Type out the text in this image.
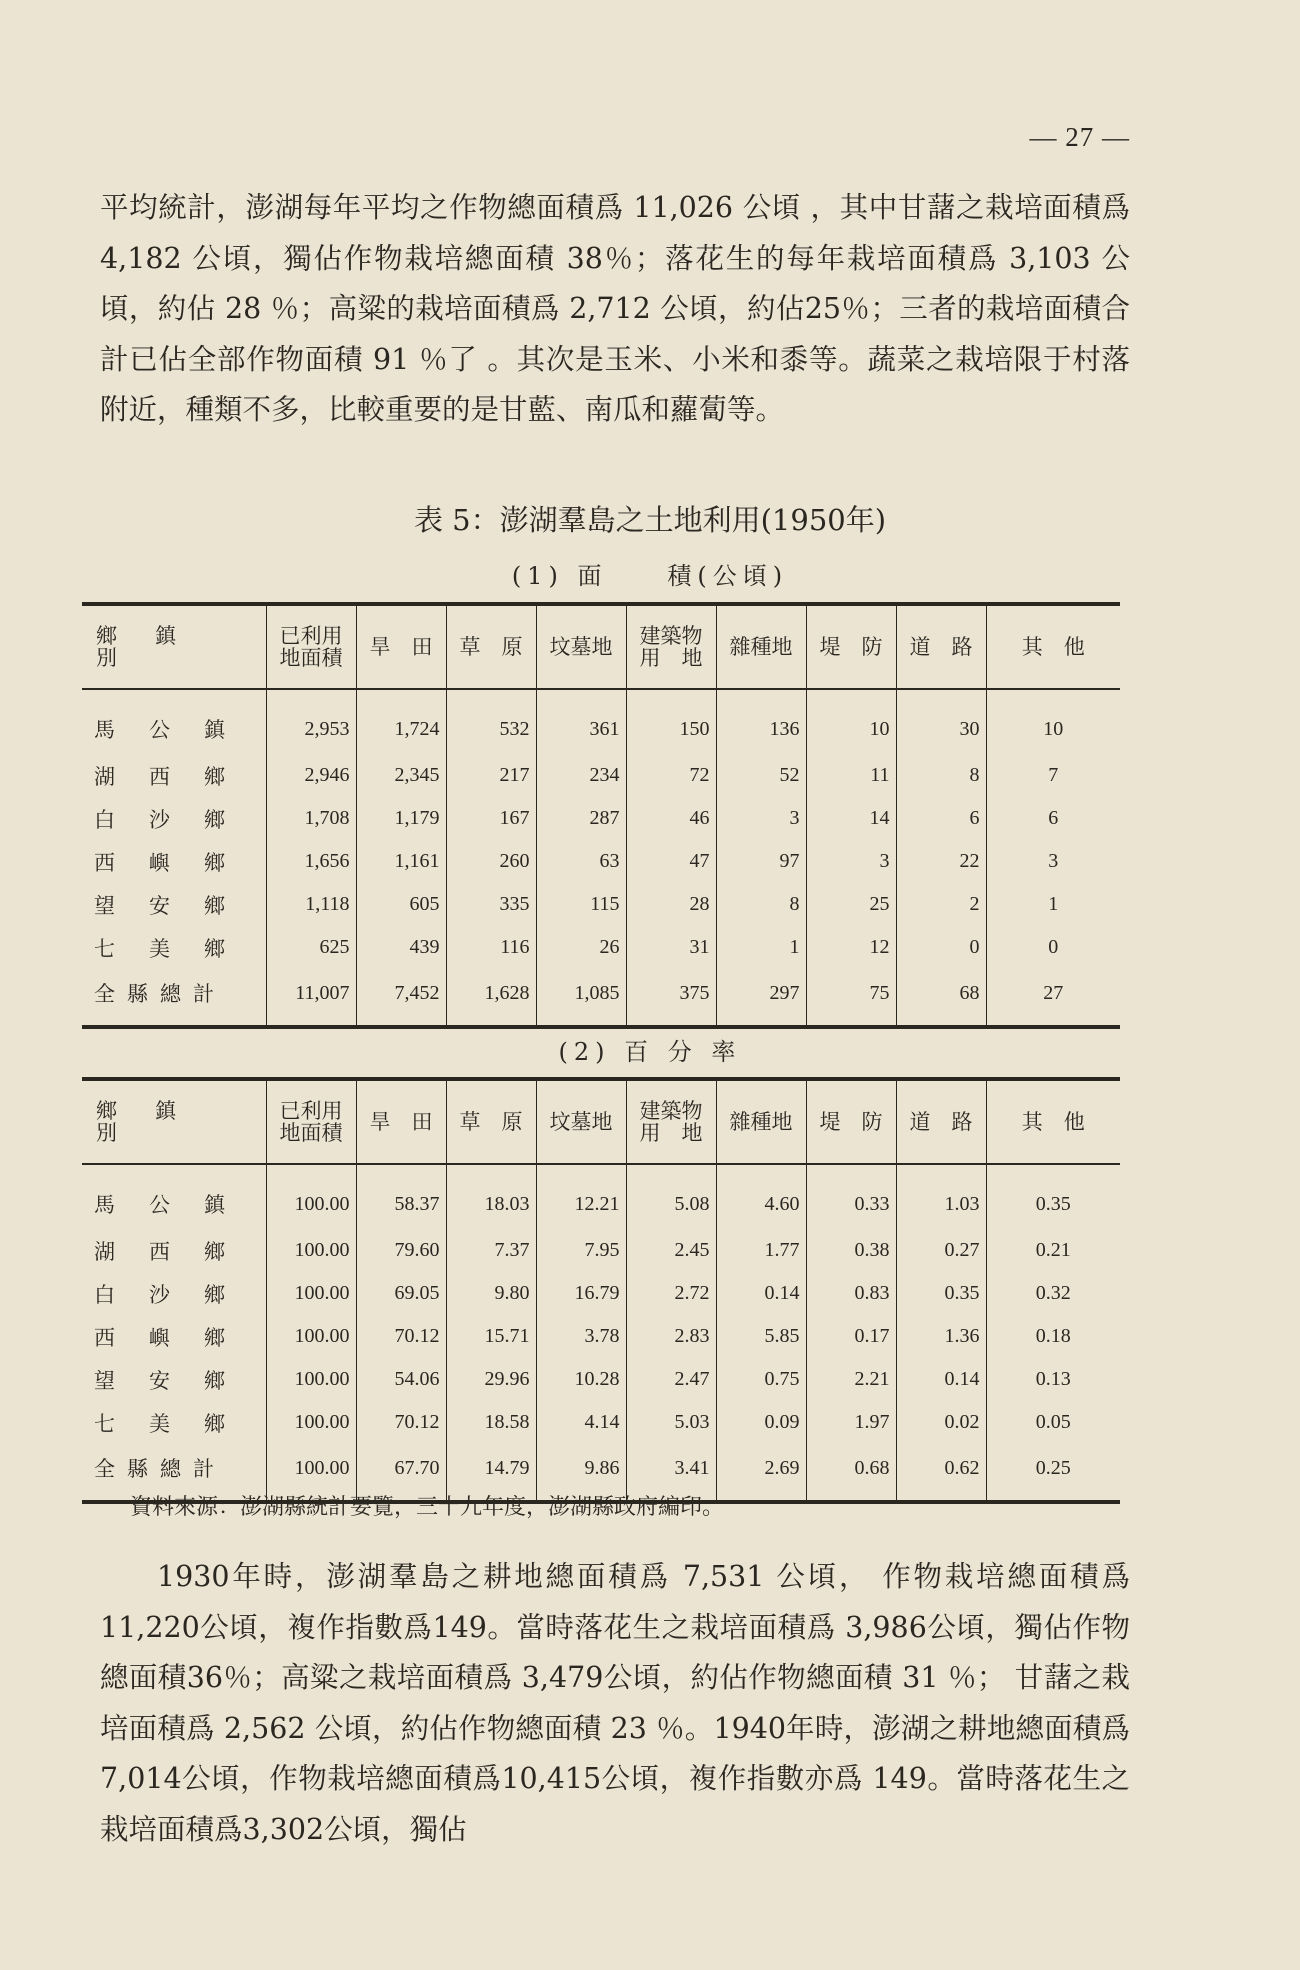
— 27 —
平均統計，澎湖每年平均之作物總面積爲 11,026 公頃 ，其中甘藷之栽培面積爲 4,182 公頃，獨佔作物栽培總面積 38％；落花生的每年栽培面積爲 3,103 公頃，約佔 28 ％；高粱的栽培面積爲 2,712 公頃，約佔25％；三者的栽培面積合計已佔全部作物面積 91 ％了 。其次是玉米、小米和黍等。蔬菜之栽培限于村落附近，種類不多，比較重要的是甘藍、南瓜和蘿蔔等。
表 5：澎湖羣島之土地利用(1950年)
(1) 面　　積(公頃)
鄉鎮別	已利用地面積	旱　田	草　原	坟墓地	建築物用　地	雜種地	堤　防	道　路	其　他
馬公鎮	2,953	1,724	532	361	150	136	10	30	10
湖西鄉	2,946	2,345	217	234	72	52	11	8	7
白沙鄉	1,708	1,179	167	287	46	3	14	6	6
西嶼鄉	1,656	1,161	260	63	47	97	3	22	3
望安鄉	1,118	605	335	115	28	8	25	2	1
七美鄉	625	439	116	26	31	1	12	0	0
全縣總計	11,007	7,452	1,628	1,085	375	297	75	68	27
(2) 百 分 率
鄉鎮別	已利用地面積	旱　田	草　原	坟墓地	建築物用　地	雜種地	堤　防	道　路	其　他
馬公鎮	100.00	58.37	18.03	12.21	5.08	4.60	0.33	1.03	0.35
湖西鄉	100.00	79.60	7.37	7.95	2.45	1.77	0.38	0.27	0.21
白沙鄉	100.00	69.05	9.80	16.79	2.72	0.14	0.83	0.35	0.32
西嶼鄉	100.00	70.12	15.71	3.78	2.83	5.85	0.17	1.36	0.18
望安鄉	100.00	54.06	29.96	10.28	2.47	0.75	2.21	0.14	0.13
七美鄉	100.00	70.12	18.58	4.14	5.03	0.09	1.97	0.02	0.05
全縣總計	100.00	67.70	14.79	9.86	3.41	2.69	0.68	0.62	0.25
資料來源：澎湖縣統計要覽，三十九年度，澎湖縣政府編印。
1930年時，澎湖羣島之耕地總面積爲 7,531 公頃， 作物栽培總面積爲 11,220公頃，複作指數爲149。當時落花生之栽培面積爲 3,986公頃，獨佔作物總面積36％；高粱之栽培面積爲 3,479公頃，約佔作物總面積 31 ％； 甘藷之栽培面積爲 2,562 公頃，約佔作物總面積 23 ％。1940年時，澎湖之耕地總面積爲7,014公頃，作物栽培總面積爲10,415公頃，複作指數亦爲 149。當時落花生之栽培面積爲3,302公頃，獨佔
